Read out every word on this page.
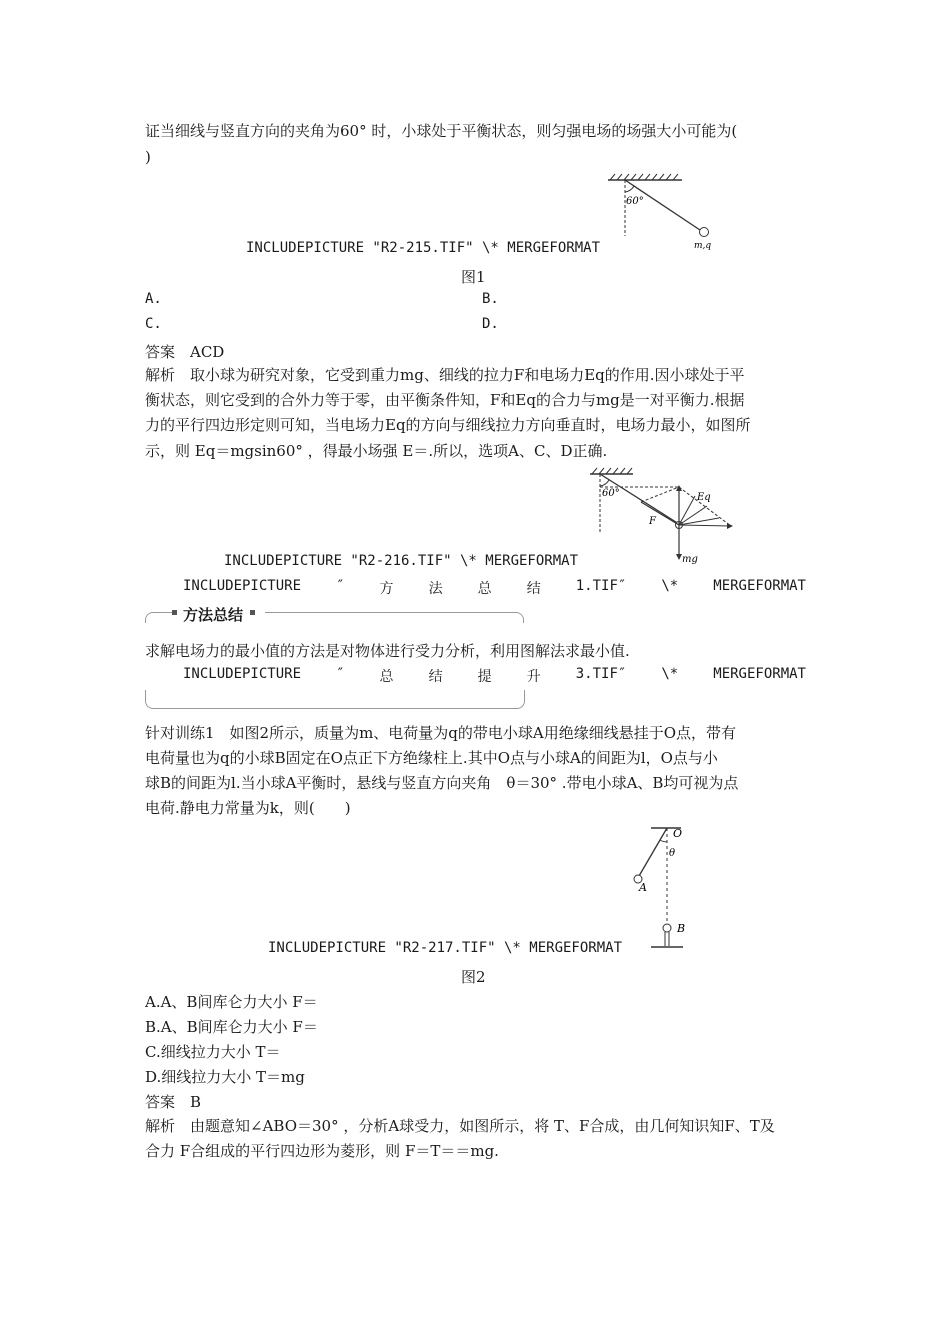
证当细线与竖直方向的夹角为60° 时，小球处于平衡状态，则匀强电场的场强大小可能为(
)
60°
m,q
INCLUDEPICTURE "R2-215.TIF" \* MERGEFORMAT
图1
A.	B.
C.	D.
答案　ACD
解析　取小球为研究对象，它受到重力mg、细线的拉力F和电场力Eq的作用.因小球处于平
衡状态，则它受到的合外力等于零，由平衡条件知，F和Eq的合力与mg是一对平衡力.根据
力的平行四边形定则可知，当电场力Eq的方向与细线拉力方向垂直时，电场力最小，如图所
示，则 Eq＝mgsin60° ，得最小场强 E＝.所以，选项A、C、D正确.
60°	Eq
F
mg
INCLUDEPICTURE "R2-216.TIF" \* MERGEFORMAT
INCLUDEPICTURE	″	方	法	总	结	1.TIF″	\*	MERGEFORMAT
方法总结
求解电场力的最小值的方法是对物体进行受力分析，利用图解法求最小值.
INCLUDEPICTURE	″	总	结	提	升	3.TIF″	\*	MERGEFORMAT
针对训练1　如图2所示，质量为m、电荷量为q的带电小球A用绝缘细线悬挂于O点，带有
电荷量也为q的小球B固定在O点正下方绝缘柱上.其中O点与小球A的间距为l，O点与小
球B的间距为l.当小球A平衡时，悬线与竖直方向夹角　θ＝30° .带电小球A、B均可视为点
电荷.静电力常量为k，则(　　)
O
θ
A
B
INCLUDEPICTURE "R2-217.TIF" \* MERGEFORMAT
图2
A.A、B间库仑力大小 F＝
B.A、B间库仑力大小 F＝
C.细线拉力大小 T＝
D.细线拉力大小 T＝mg
答案　B
解析　由题意知∠ABO＝30° ，分析A球受力，如图所示，将 T、F合成，由几何知识知F、T及
合力 F合组成的平行四边形为菱形，则 F＝T＝＝mg.
